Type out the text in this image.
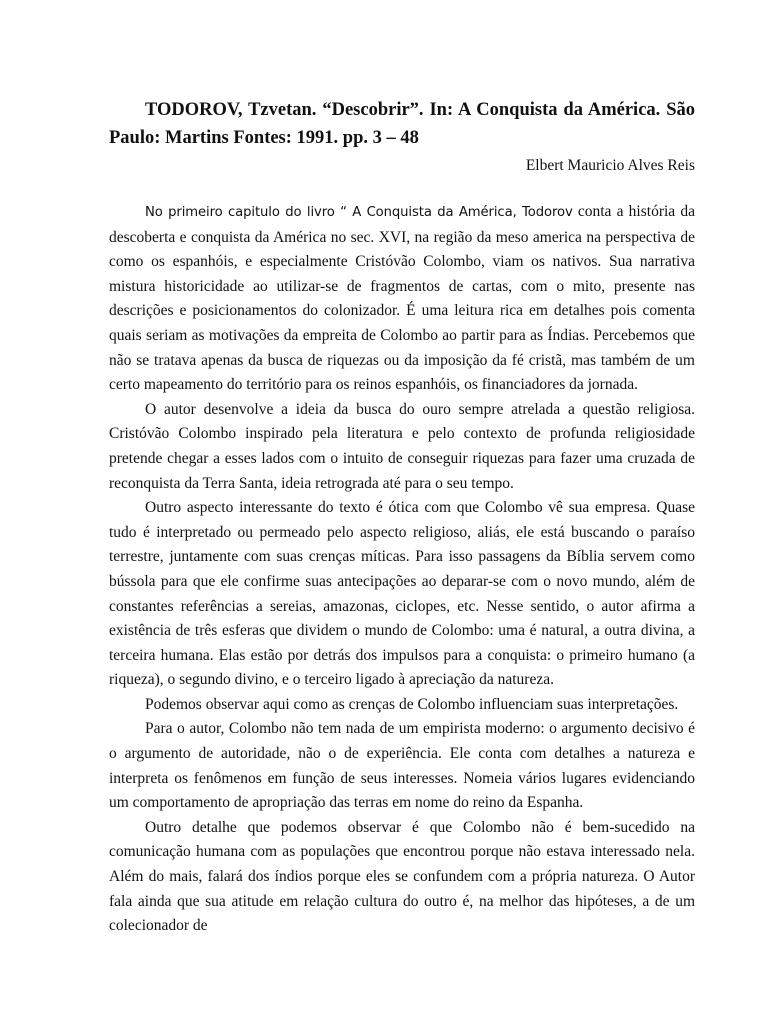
TODOROV, Tzvetan. “Descobrir”. In: A Conquista da América. São Paulo: Martins Fontes: 1991. pp. 3 – 48

Elbert Mauricio Alves Reis

No primeiro capitulo do livro “ A Conquista da América, Todorov conta a história da descoberta e conquista da América no sec. XVI, na região da meso america na perspectiva de como os espanhóis, e especialmente Cristóvão Colombo, viam os nativos. Sua narrativa mistura historicidade ao utilizar-se de fragmentos de cartas, com o mito, presente nas descrições e posicionamentos do colonizador. É uma leitura rica em detalhes pois comenta quais seriam as motivações da empreita de Colombo ao partir para as Índias. Percebemos que não se tratava apenas da busca de riquezas ou da imposição da fé cristã, mas também de um certo mapeamento do território para os reinos espanhóis, os financiadores da jornada.

O autor desenvolve a ideia da busca do ouro sempre atrelada a questão religiosa. Cristóvão Colombo inspirado pela literatura e pelo contexto de profunda religiosidade pretende chegar a esses lados com o intuito de conseguir riquezas para fazer uma cruzada de reconquista da Terra Santa, ideia retrograda até para o seu tempo.

Outro aspecto interessante do texto é ótica com que Colombo vê sua empresa. Quase tudo é interpretado ou permeado pelo aspecto religioso, aliás, ele está buscando o paraíso terrestre, juntamente com suas crenças míticas. Para isso passagens da Bíblia servem como bússola para que ele confirme suas antecipações ao deparar-se com o novo mundo, além de constantes referências a sereias, amazonas, ciclopes, etc. Nesse sentido, o autor afirma a existência de três esferas que dividem o mundo de Colombo: uma é natural, a outra divina, a terceira humana. Elas estão por detrás dos impulsos para a conquista: o primeiro humano (a riqueza), o segundo divino, e o terceiro ligado à apreciação da natureza.

Podemos observar aqui como as crenças de Colombo influenciam suas interpretações.

Para o autor, Colombo não tem nada de um empirista moderno: o argumento decisivo é o argumento de autoridade, não o de experiência. Ele conta com detalhes a natureza e interpreta os fenômenos em função de seus interesses. Nomeia vários lugares evidenciando um comportamento de apropriação das terras em nome do reino da Espanha.

Outro detalhe que podemos observar é que Colombo não é bem-sucedido na comunicação humana com as populações que encontrou porque não estava interessado nela. Além do mais, falará dos índios porque eles se confundem com a própria natureza. O Autor fala ainda que sua atitude em relação cultura do outro é, na melhor das hipóteses, a de um colecionador de
